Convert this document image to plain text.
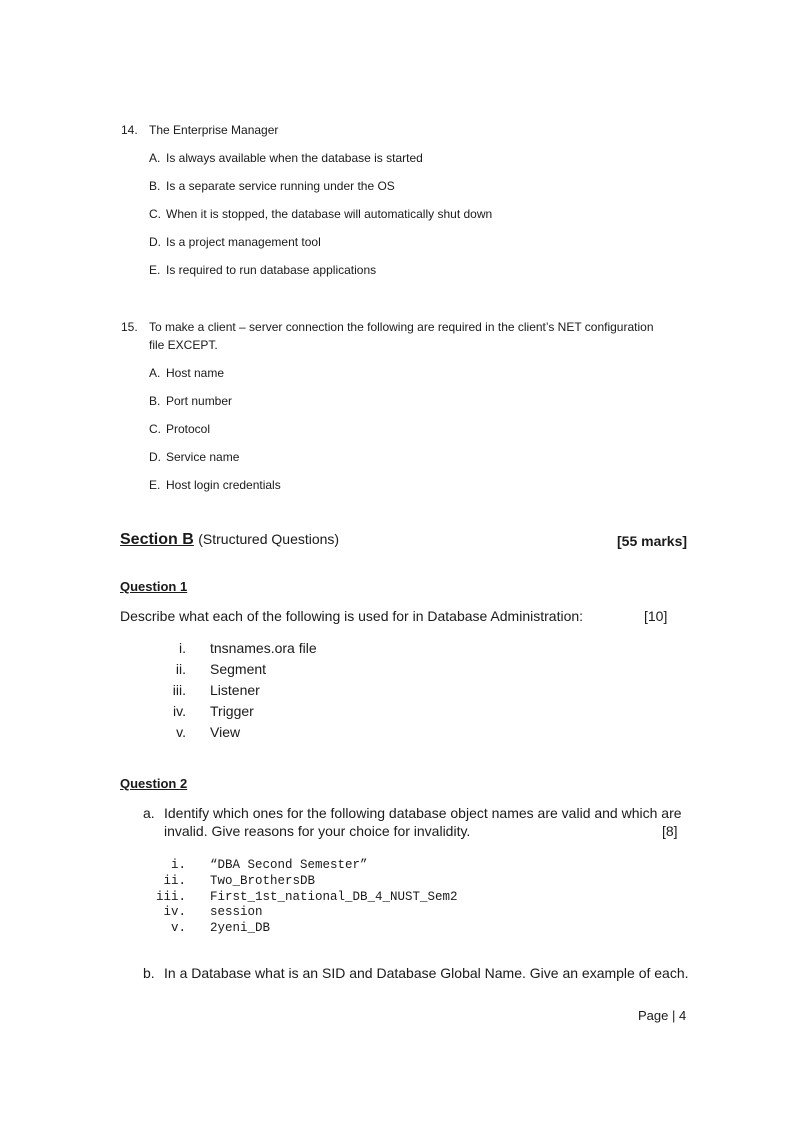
14. The Enterprise Manager
A. Is always available when the database is started
B. Is a separate service running under the OS
C. When it is stopped, the database will automatically shut down
D. Is a project management tool
E. Is required to run database applications
15. To make a client – server connection the following are required in the client’s NET configuration
file EXCEPT.
A. Host name
B. Port number
C. Protocol
D. Service name
E. Host login credentials
Section B (Structured Questions)	[55 marks]
Question 1
Describe what each of the following is used for in Database Administration:	[10]
i. tnsnames.ora file
ii. Segment
iii. Listener
iv. Trigger
v. View
Question 2
a. Identify which ones for the following database object names are valid and which are
invalid. Give reasons for your choice for invalidity.	[8]
i. “DBA Second Semester”
ii. Two_BrothersDB
iii. First_1st_national_DB_4_NUST_Sem2
iv. session
v. 2yeni_DB
b. In a Database what is an SID and Database Global Name. Give an example of each.
Page | 4
